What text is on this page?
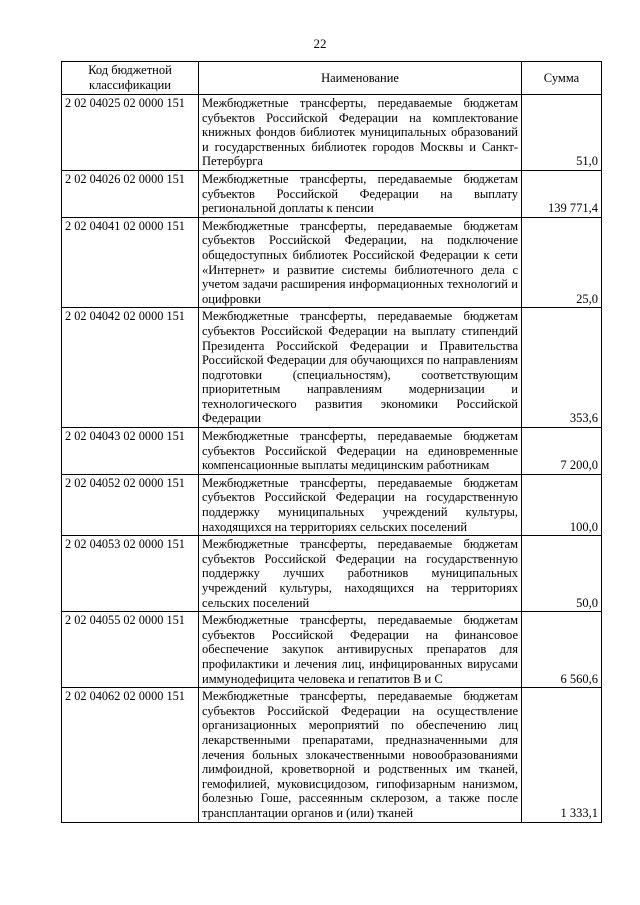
22
Код бюджетной классификации	Наименование	Сумма
2 02 04025 02 0000 151	Межбюджетные трансферты, передаваемые бюджетам субъектов Российской Федерации на комплектование книжных фондов библиотек муниципальных образований и государственных библиотек городов Москвы и Санкт-Петербурга	51,0
2 02 04026 02 0000 151	Межбюджетные трансферты, передаваемые бюджетам субъектов Российской Федерации на выплату региональной доплаты к пенсии	139 771,4
2 02 04041 02 0000 151	Межбюджетные трансферты, передаваемые бюджетам субъектов Российской Федерации, на подключение общедоступных библиотек Российской Федерации к сети «Интернет» и развитие системы библиотечного дела с учетом задачи расширения информационных технологий и оцифровки	25,0
2 02 04042 02 0000 151	Межбюджетные трансферты, передаваемые бюджетам субъектов Российской Федерации на выплату стипендий Президента Российской Федерации и Правительства Российской Федерации для обучающихся по направлениям подготовки (специальностям), соответствующим приоритетным направлениям модернизации и технологического развития экономики Российской Федерации	353,6
2 02 04043 02 0000 151	Межбюджетные трансферты, передаваемые бюджетам субъектов Российской Федерации на единовременные компенсационные выплаты медицинским работникам	7 200,0
2 02 04052 02 0000 151	Межбюджетные трансферты, передаваемые бюджетам субъектов Российской Федерации на государственную поддержку муниципальных учреждений культуры, находящихся на территориях сельских поселений	100,0
2 02 04053 02 0000 151	Межбюджетные трансферты, передаваемые бюджетам субъектов Российской Федерации на государственную поддержку лучших работников муниципальных учреждений культуры, находящихся на территориях сельских поселений	50,0
2 02 04055 02 0000 151	Межбюджетные трансферты, передаваемые бюджетам субъектов Российской Федерации на финансовое обеспечение закупок антивирусных препаратов для профилактики и лечения лиц, инфицированных вирусами иммунодефицита человека и гепатитов В и С	6 560,6
2 02 04062 02 0000 151	Межбюджетные трансферты, передаваемые бюджетам субъектов Российской Федерации на осуществление организационных мероприятий по обеспечению лиц лекарственными препаратами, предназначенными для лечения больных злокачественными новообразованиями лимфоидной, кроветворной и родственных им тканей, гемофилией, муковисцидозом, гипофизарным нанизмом, болезнью Гоше, рассеянным склерозом, а также после трансплантации органов и (или) тканей	1 333,1
